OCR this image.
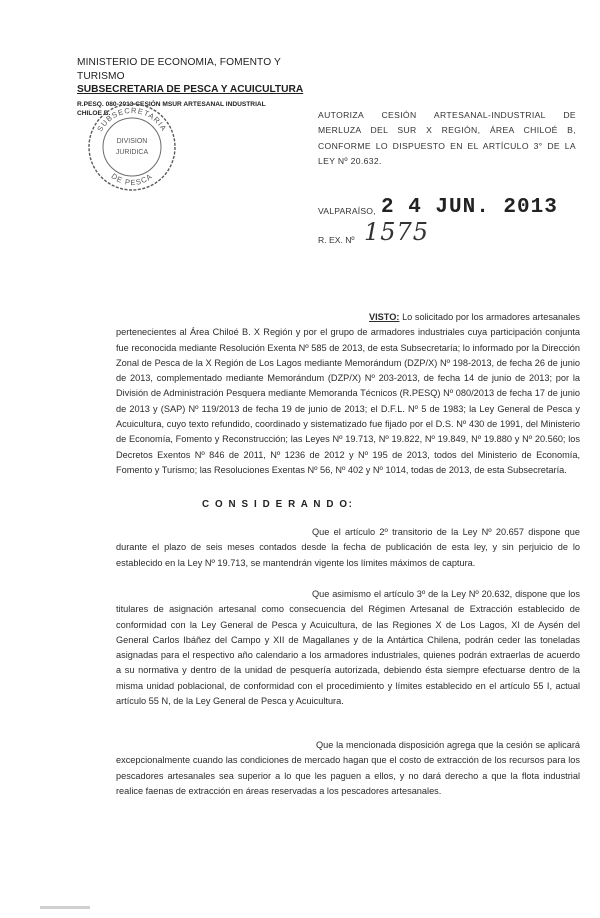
MINISTERIO DE ECONOMIA, FOMENTO Y TURISMO
SUBSECRETARIA DE PESCA Y ACUICULTURA
R.PESQ. 080-2013 CESIÓN MSUR ARTESANAL INDUSTRIAL
CHILOE B.
SUBSECRETARIA
DE PESCA
DIVISION
JURIDICA
AUTORIZA CESIÓN ARTESANAL-INDUSTRIAL DE MERLUZA DEL SUR X REGIÓN, ÁREA CHILOÉ B, CONFORME LO DISPUESTO EN EL ARTÍCULO 3° DE LA LEY Nº 20.632.
VALPARAÍSO, 2 4 JUN. 2013
R. EX. Nº 1575
VISTO: Lo solicitado por los armadores artesanales pertenecientes al Área Chiloé B. X Región y por el grupo de armadores industriales cuya participación conjunta fue reconocida mediante Resolución Exenta Nº 585 de 2013, de esta Subsecretaría; lo informado por la Dirección Zonal de Pesca de la X Región de Los Lagos mediante Memorándum (DZP/X) Nº 198-2013, de fecha 26 de junio de 2013, complementado mediante Memorándum (DZP/X) Nº 203-2013, de fecha 14 de junio de 2013; por la División de Administración Pesquera mediante Memoranda Técnicos (R.PESQ) Nº 080/2013 de fecha 17 de junio de 2013 y (SAP) Nº 119/2013 de fecha 19 de junio de 2013; el D.F.L. Nº 5 de 1983; la Ley General de Pesca y Acuicultura, cuyo texto refundido, coordinado y sistematizado fue fijado por el D.S. Nº 430 de 1991, del Ministerio de Economía, Fomento y Reconstrucción; las Leyes Nº 19.713, Nº 19.822, Nº 19.849, Nº 19.880 y Nº 20.560; los Decretos Exentos Nº 846 de 2011, Nº 1236 de 2012 y Nº 195 de 2013, todos del Ministerio de Economía, Fomento y Turismo; las Resoluciones Exentas Nº 56, Nº 402 y Nº 1014, todas de 2013, de esta Subsecretaría.
C O N S I D E R A N D O:
Que el artículo 2º transitorio de la Ley Nº 20.657 dispone que durante el plazo de seis meses contados desde la fecha de publicación de esta ley, y sin perjuicio de lo establecido en la Ley Nº 19.713, se mantendrán vigente los límites máximos de captura.
Que asimismo el artículo 3º de la Ley Nº 20.632, dispone que los titulares de asignación artesanal como consecuencia del Régimen Artesanal de Extracción establecido de conformidad con la Ley General de Pesca y Acuicultura, de las Regiones X de Los Lagos, XI de Aysén del General Carlos Ibáñez del Campo y XII de Magallanes y de la Antártica Chilena, podrán ceder las toneladas asignadas para el respectivo año calendario a los armadores industriales, quienes podrán extraerlas de acuerdo a su normativa y dentro de la unidad de pesquería autorizada, debiendo ésta siempre efectuarse dentro de la misma unidad poblacional, de conformidad con el procedimiento y límites establecido en el artículo 55 I, actual artículo 55 N, de la Ley General de Pesca y Acuicultura.
Que la mencionada disposición agrega que la cesión se aplicará excepcionalmente cuando las condiciones de mercado hagan que el costo de extracción de los recursos para los pescadores artesanales sea superior a lo que les paguen a ellos, y no dará derecho a que la flota industrial realice faenas de extracción en áreas reservadas a los pescadores artesanales.
